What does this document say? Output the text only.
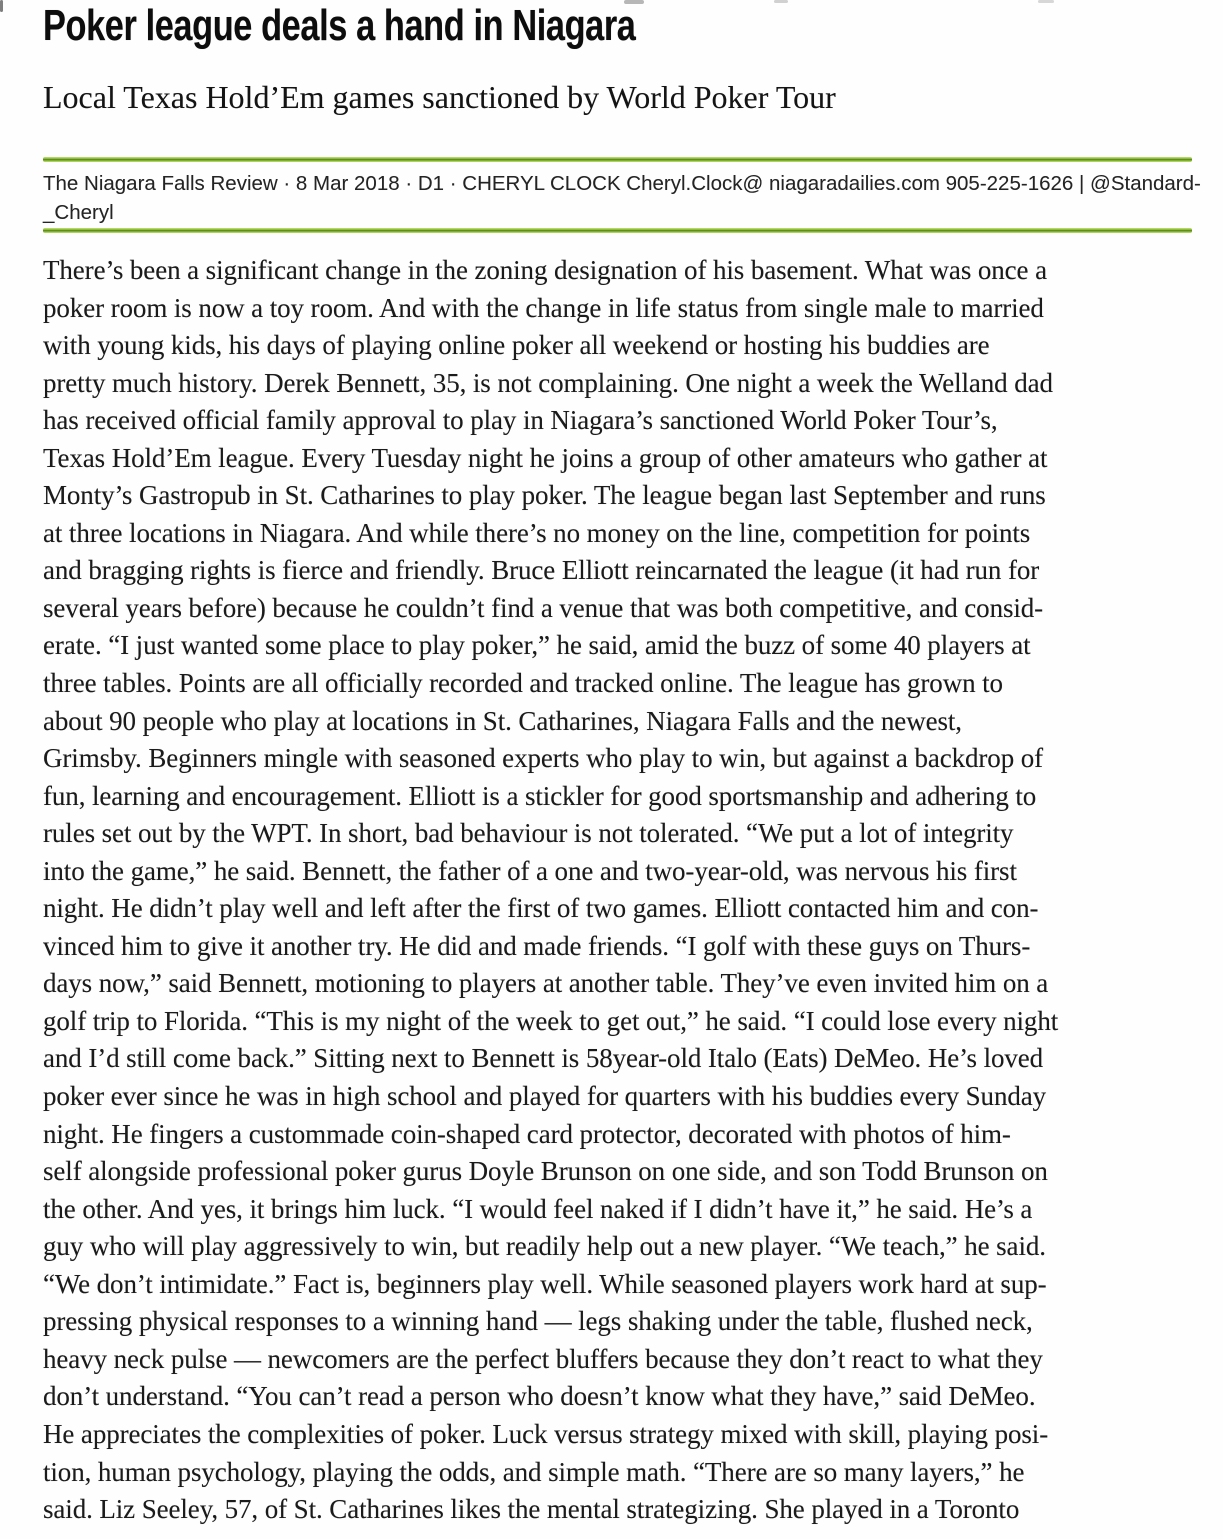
Poker league deals a hand in Niagara
Local Texas Hold’Em games sanctioned by World Poker Tour
The Niagara Falls Review · 8 Mar 2018 · D1 · CHERYL CLOCK Cheryl.Clock@ niagaradailies.com 905-225-1626 | @Standard-
_Cheryl
There’s been a significant change in the zoning designation of his basement. What was once a
poker room is now a toy room. And with the change in life status from single male to married
with young kids, his days of playing online poker all weekend or hosting his buddies are
pretty much history. Derek Bennett, 35, is not complaining. One night a week the Welland dad
has received official family approval to play in Niagara’s sanctioned World Poker Tour’s,
Texas Hold’Em league. Every Tuesday night he joins a group of other amateurs who gather at
Monty’s Gastropub in St. Catharines to play poker. The league began last September and runs
at three locations in Niagara. And while there’s no money on the line, competition for points
and bragging rights is fierce and friendly. Bruce Elliott reincarnated the league (it had run for
several years before) because he couldn’t find a venue that was both competitive, and consid-
erate. “I just wanted some place to play poker,” he said, amid the buzz of some 40 players at
three tables. Points are all officially recorded and tracked online. The league has grown to
about 90 people who play at locations in St. Catharines, Niagara Falls and the newest,
Grimsby. Beginners mingle with seasoned experts who play to win, but against a backdrop of
fun, learning and encouragement. Elliott is a stickler for good sportsmanship and adhering to
rules set out by the WPT. In short, bad behaviour is not tolerated. “We put a lot of integrity
into the game,” he said. Bennett, the father of a one and two-year-old, was nervous his first
night. He didn’t play well and left after the first of two games. Elliott contacted him and con-
vinced him to give it another try. He did and made friends. “I golf with these guys on Thurs-
days now,” said Bennett, motioning to players at another table. They’ve even invited him on a
golf trip to Florida. “This is my night of the week to get out,” he said. “I could lose every night
and I’d still come back.” Sitting next to Bennett is 58year-old Italo (Eats) DeMeo. He’s loved
poker ever since he was in high school and played for quarters with his buddies every Sunday
night. He fingers a custommade coin-shaped card protector, decorated with photos of him-
self alongside professional poker gurus Doyle Brunson on one side, and son Todd Brunson on
the other. And yes, it brings him luck. “I would feel naked if I didn’t have it,” he said. He’s a
guy who will play aggressively to win, but readily help out a new player. “We teach,” he said.
“We don’t intimidate.” Fact is, beginners play well. While seasoned players work hard at sup-
pressing physical responses to a winning hand — legs shaking under the table, flushed neck,
heavy neck pulse — newcomers are the perfect bluffers because they don’t react to what they
don’t understand. “You can’t read a person who doesn’t know what they have,” said DeMeo.
He appreciates the complexities of poker. Luck versus strategy mixed with skill, playing posi-
tion, human psychology, playing the odds, and simple math. “There are so many layers,” he
said. Liz Seeley, 57, of St. Catharines likes the mental strategizing. She played in a Toronto
